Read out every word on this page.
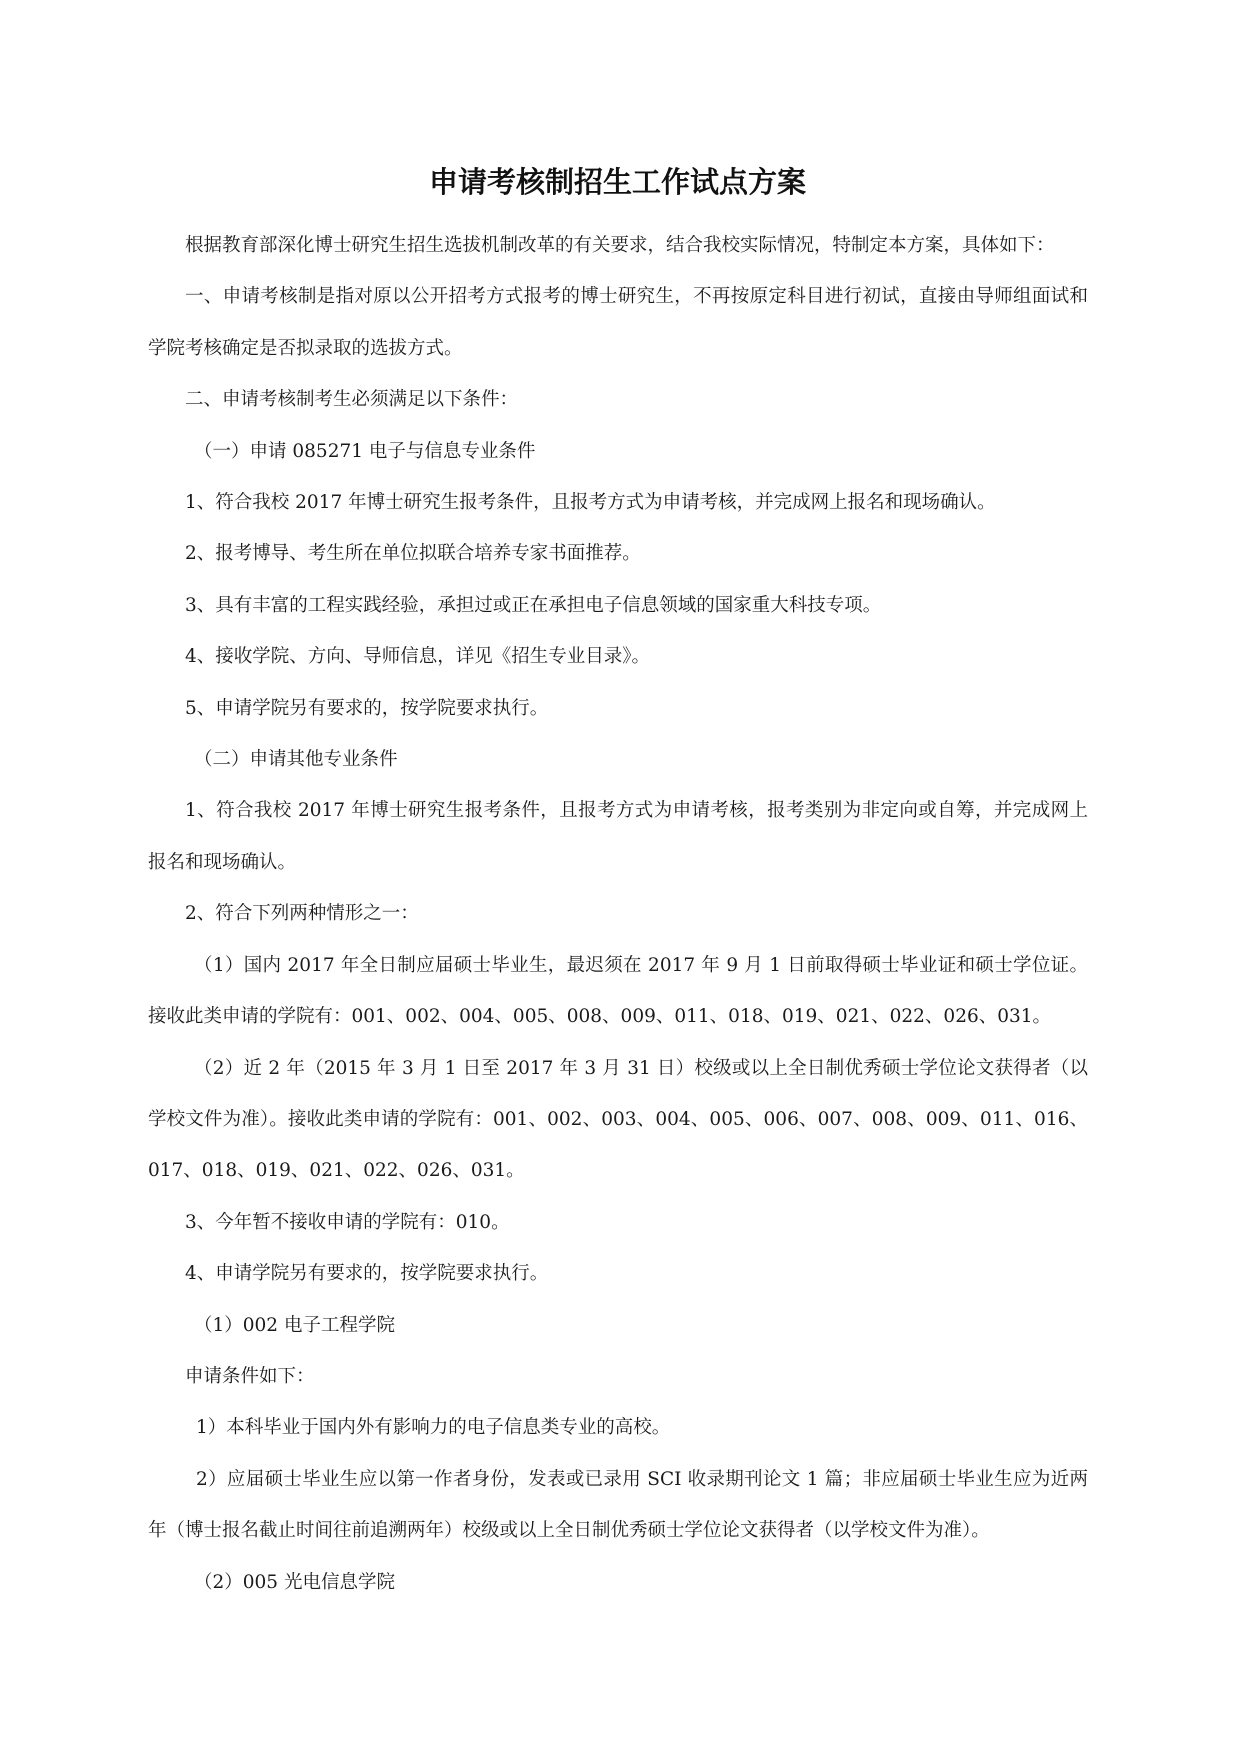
申请考核制招生工作试点方案

根据教育部深化博士研究生招生选拔机制改革的有关要求，结合我校实际情况，特制定本方案，具体如下：

一、申请考核制是指对原以公开招考方式报考的博士研究生，不再按原定科目进行初试，直接由导师组面试和学院考核确定是否拟录取的选拔方式。

二、申请考核制考生必须满足以下条件：

（一）申请 085271 电子与信息专业条件

1、符合我校 2017 年博士研究生报考条件，且报考方式为申请考核，并完成网上报名和现场确认。

2、报考博导、考生所在单位拟联合培养专家书面推荐。

3、具有丰富的工程实践经验，承担过或正在承担电子信息领域的国家重大科技专项。

4、接收学院、方向、导师信息，详见《招生专业目录》。

5、申请学院另有要求的，按学院要求执行。

（二）申请其他专业条件

1、符合我校 2017 年博士研究生报考条件，且报考方式为申请考核，报考类别为非定向或自筹，并完成网上报名和现场确认。

2、符合下列两种情形之一：

（1）国内 2017 年全日制应届硕士毕业生，最迟须在 2017 年 9 月 1 日前取得硕士毕业证和硕士学位证。接收此类申请的学院有：001、002、004、005、008、009、011、018、019、021、022、026、031。

（2）近 2 年（2015 年 3 月 1 日至 2017 年 3 月 31 日）校级或以上全日制优秀硕士学位论文获得者（以学校文件为准）。接收此类申请的学院有：001、002、003、004、005、006、007、008、009、011、016、017、018、019、021、022、026、031。

3、今年暂不接收申请的学院有：010。

4、申请学院另有要求的，按学院要求执行。

（1）002 电子工程学院

申请条件如下：

1）本科毕业于国内外有影响力的电子信息类专业的高校。

2）应届硕士毕业生应以第一作者身份，发表或已录用 SCI 收录期刊论文 1 篇；非应届硕士毕业生应为近两年（博士报名截止时间往前追溯两年）校级或以上全日制优秀硕士学位论文获得者（以学校文件为准）。

（2）005 光电信息学院
